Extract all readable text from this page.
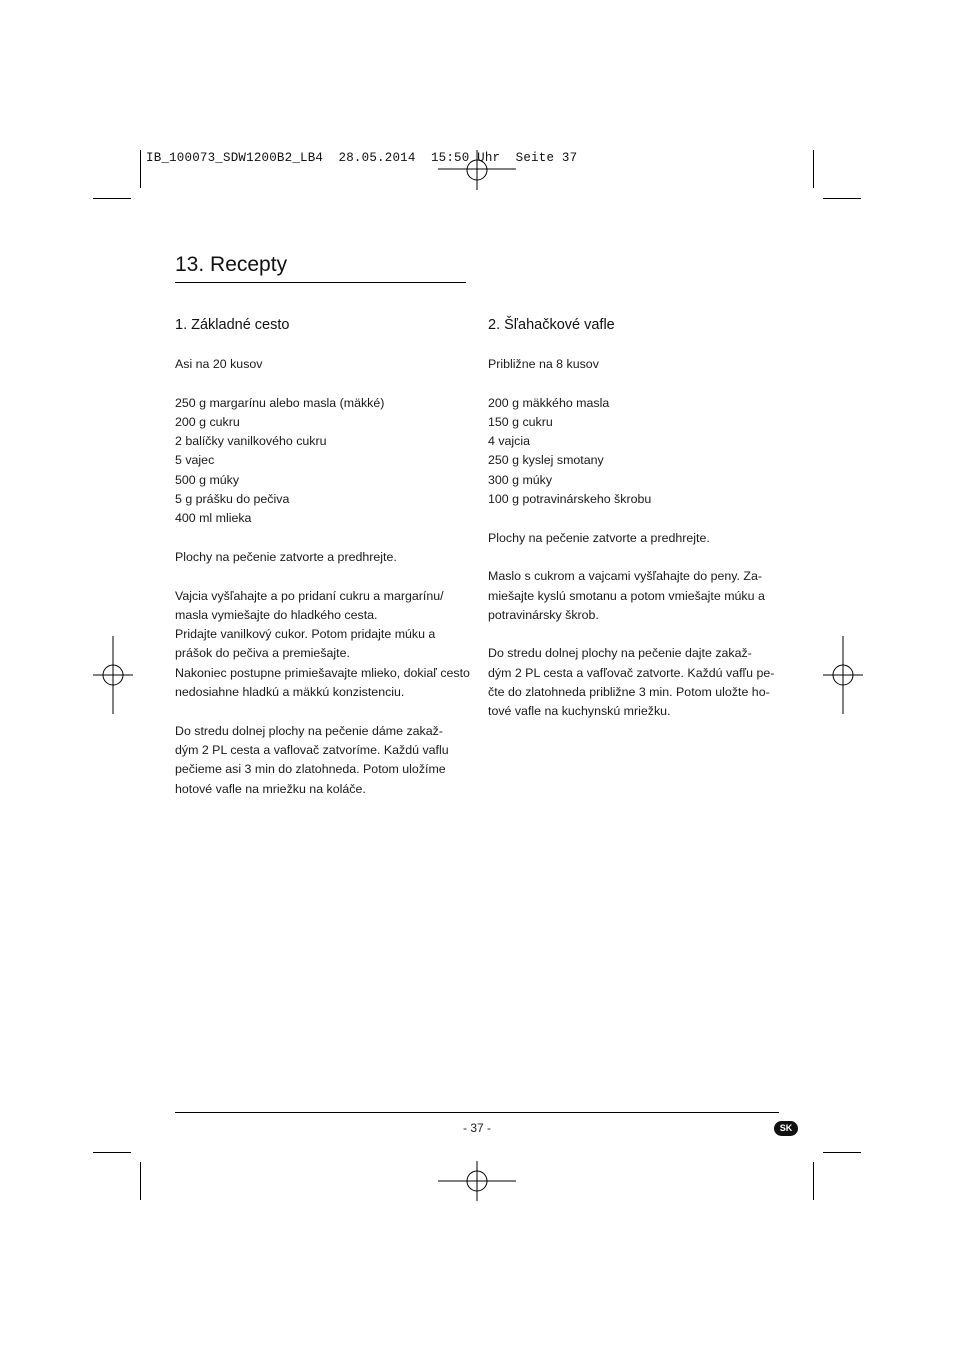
IB_100073_SDW1200B2_LB4  28.05.2014  15:50 Uhr  Seite 37
13. Recepty
1. Základné cesto

Asi na 20 kusov

250 g margarínu alebo masla (mäkké)
200 g cukru
2 balíčky vanilkového cukru
5 vajec
500 g múky
5 g prášku do pečiva
400 ml mlieka

Plochy na pečenie zatvorte a predhrejte.

Vajcia vyšľahajte a po pridaní cukru a margarínu/
masla vymiešajte do hladkého cesta.
Pridajte vanilkový cukor. Potom pridajte múku a
prášok do pečiva a premiešajte.
Nakoniec postupne primiešavajte mlieko, dokiaľ cesto
nedosiahne hladkú a mäkkú konzistenciu.

Do stredu dolnej plochy na pečenie dáme zakaž-
dým 2 PL cesta a vaflovač zatvoríme. Každú vaflu
pečieme asi 3 min do zlatohneda. Potom uložíme
hotové vafle na mriežku na koláče.

2. Šľahačkové vafle

Približne na 8 kusov

200 g mäkkého masla
150 g cukru
4 vajcia
250 g kyslej smotany
300 g múky
100 g potravinárskeho škrobu

Plochy na pečenie zatvorte a predhrejte.

Maslo s cukrom a vajcami vyšľahajte do peny. Za-
miešajte kyslú smotanu a potom vmiešajte múku a
potravinársky škrob.

Do stredu dolnej plochy na pečenie dajte zakaž-
dým 2 PL cesta a vafľovač zatvorte. Každú vafľu pe-
čte do zlatohneda približne 3 min. Potom uložte ho-
tové vafle na kuchynskú mriežku.

- 37 -	SK
